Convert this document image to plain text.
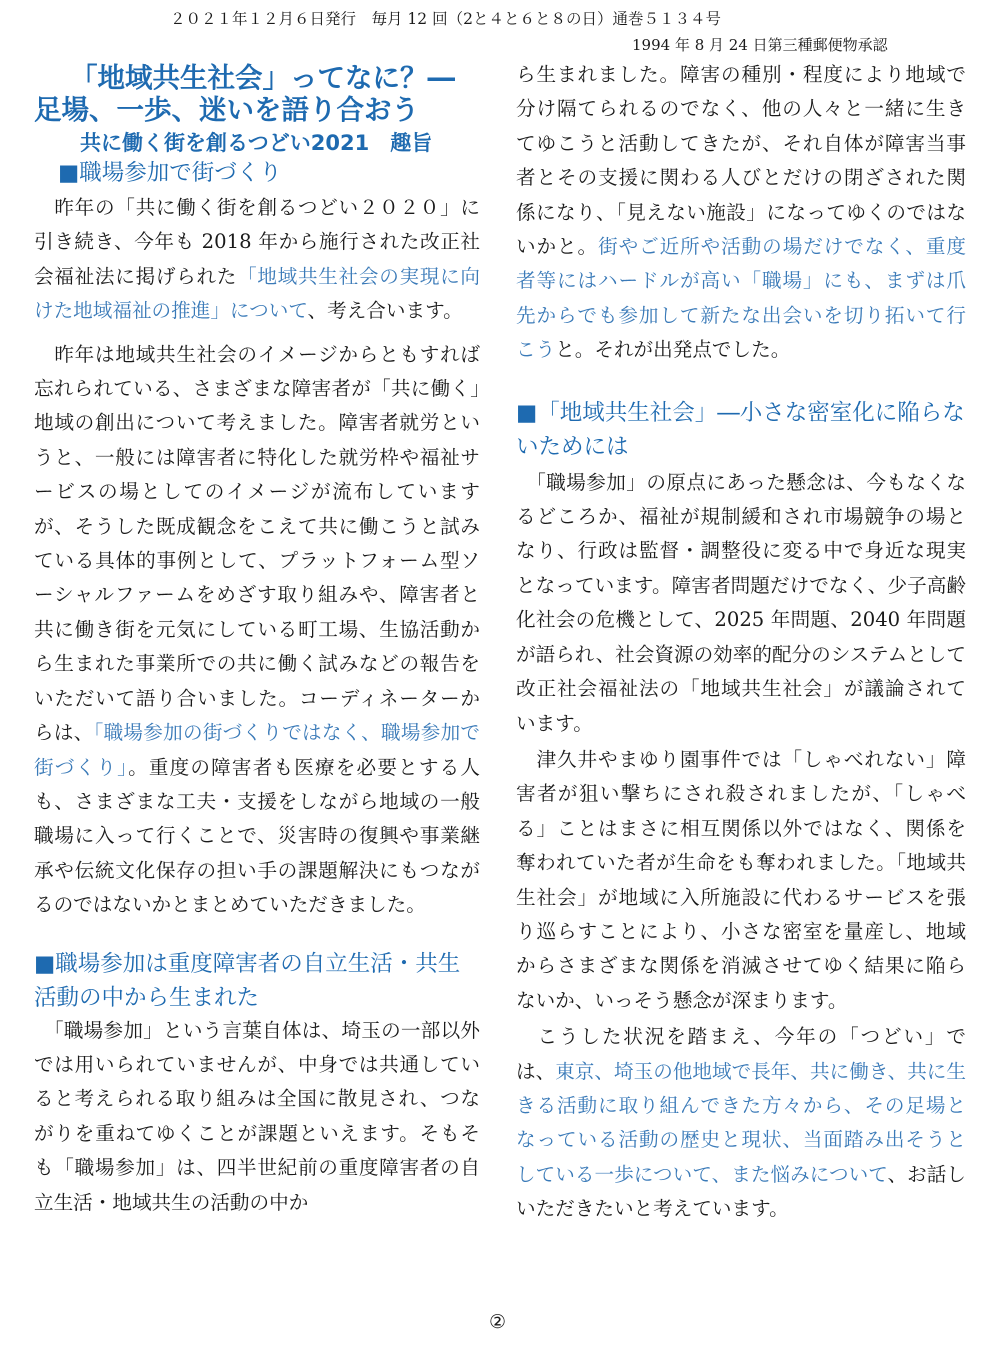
２０２１年１２月６日発行　毎月 12 回（2と４と６と８の日）通巻５１３４号
1994 年 8 月 24 日第三種郵便物承認
「地域共生社会」ってなに？―
足場、一歩、迷いを語り合おう
共に働く街を創るつどい2021　趣旨
■職場参加で街づくり

　昨年の「共に働く街を創るつどい２０２０」に引き続き、今年も 2018 年から施行された改正社会福祉法に掲げられた「地域共生社会の実現に向けた地域福祉の推進」について、考え合います。

　昨年は地域共生社会のイメージからともすれば忘れられている、さまざまな障害者が「共に働く」地域の創出について考えました。障害者就労というと、一般には障害者に特化した就労枠や福祉サービスの場としてのイメージが流布していますが、そうした既成観念をこえて共に働こうと試みている具体的事例として、プラットフォーム型ソーシャルファームをめざす取り組みや、障害者と共に働き街を元気にしている町工場、生協活動から生まれた事業所での共に働く試みなどの報告をいただいて語り合いました。コーディネーターからは、「職場参加の街づくりではなく、職場参加で街づくり」。重度の障害者も医療を必要とする人も、さまざまな工夫・支援をしながら地域の一般職場に入って行くことで、災害時の復興や事業継承や伝統文化保存の担い手の課題解決にもつながるのではないかとまとめていただきました。

■職場参加は重度障害者の自立生活・共生活動の中から生まれた

　「職場参加」という言葉自体は、埼玉の一部以外では用いられていませんが、中身では共通していると考えられる取り組みは全国に散見され、つながりを重ねてゆくことが課題といえます。そもそも「職場参加」は、四半世紀前の重度障害者の自立生活・地域共生の活動の中か

ら生まれました。障害の種別・程度により地域で分け隔てられるのでなく、他の人々と一緒に生きてゆこうと活動してきたが、それ自体が障害当事者とその支援に関わる人びとだけの閉ざされた関係になり、「見えない施設」になってゆくのではないかと。街やご近所や活動の場だけでなく、重度者等にはハードルが高い「職場」にも、まずは爪先からでも参加して新たな出会いを切り拓いて行こうと。それが出発点でした。

■「地域共生社会」―小さな密室化に陥らないためには

　「職場参加」の原点にあった懸念は、今もなくなるどころか、福祉が規制緩和され市場競争の場となり、行政は監督・調整役に変る中で身近な現実となっています。障害者問題だけでなく、少子高齢化社会の危機として、2025 年問題、2040 年問題が語られ、社会資源の効率的配分のシステムとして改正社会福祉法の「地域共生社会」が議論されています。

　津久井やまゆり園事件では「しゃべれない」障害者が狙い撃ちにされ殺されましたが、「しゃべる」ことはまさに相互関係以外ではなく、関係を奪われていた者が生命をも奪われました。「地域共生社会」が地域に入所施設に代わるサービスを張り巡らすことにより、小さな密室を量産し、地域からさまざまな関係を消滅させてゆく結果に陥らないか、いっそう懸念が深まります。

　こうした状況を踏まえ、今年の「つどい」では、東京、埼玉の他地域で長年、共に働き、共に生きる活動に取り組んできた方々から、その足場となっている活動の歴史と現状、当面踏み出そうとしている一歩について、また悩みについて、お話しいただきたいと考えています。

②
